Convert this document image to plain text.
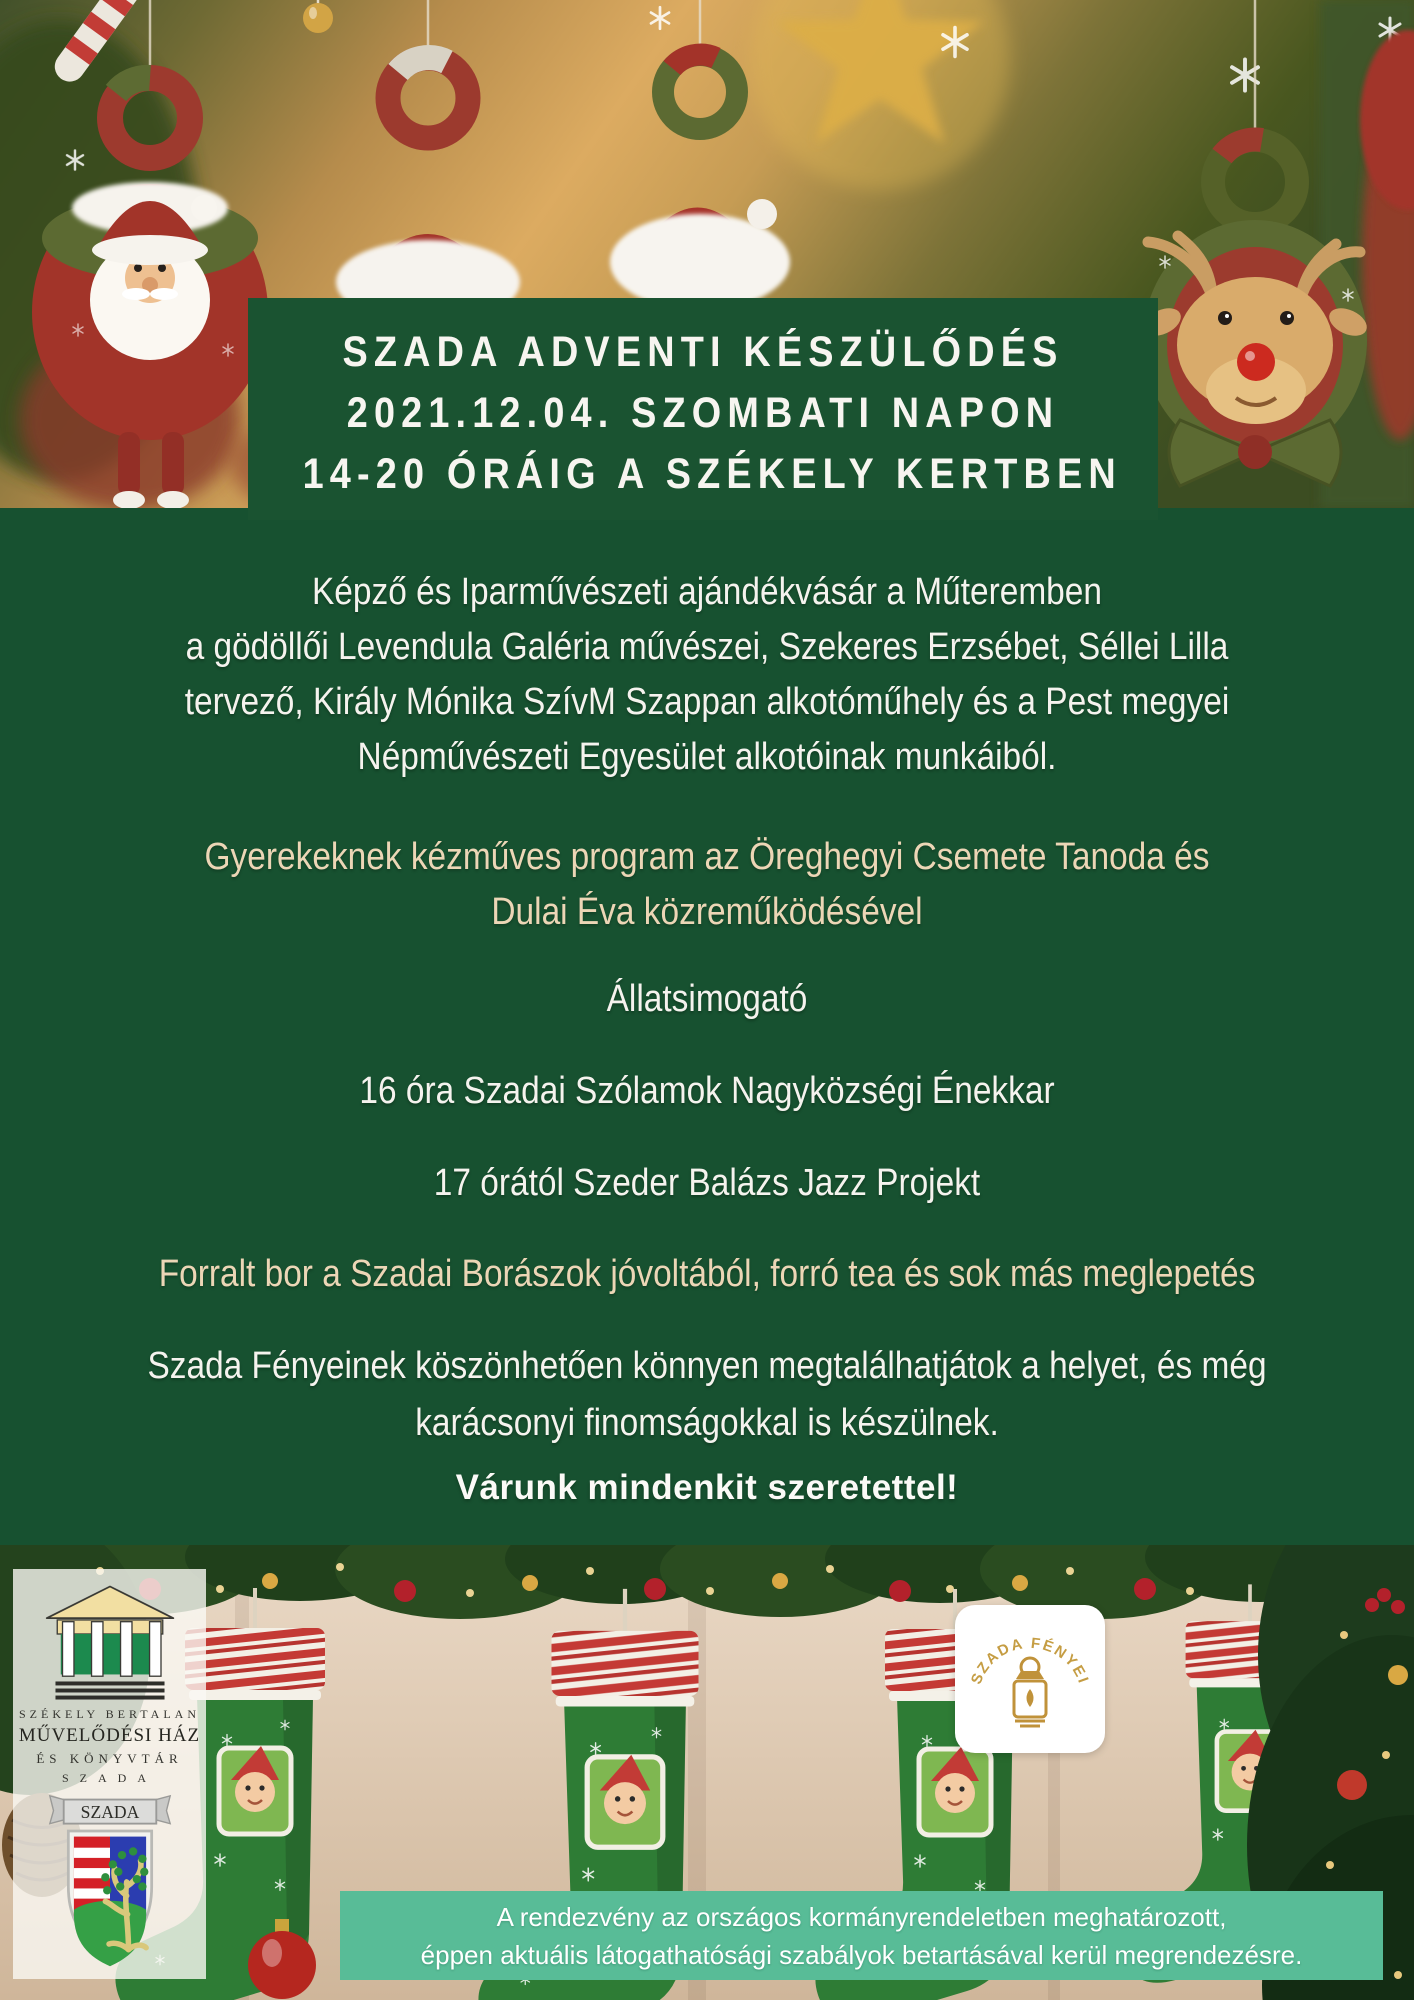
SZADA ADVENTI KÉSZÜLŐDÉS
2021.12.04. SZOMBATI NAPON
14-20 ÓRÁIG A SZÉKELY KERTBEN
Képző és Iparművészeti ajándékvásár a Műteremben
a gödöllői Levendula Galéria művészei, Szekeres Erzsébet, Séllei Lilla
tervező, Király Mónika SzívM Szappan alkotóműhely és a Pest megyei
Népművészeti Egyesület alkotóinak munkáiból.
Gyerekeknek kézműves program az Öreghegyi Csemete Tanoda és
Dulai Éva közreműködésével
Állatsimogató
16 óra Szadai Szólamok Nagyközségi Énekkar
17 órától Szeder Balázs Jazz Projekt
Forralt bor a Szadai Borászok jóvoltából, forró tea és sok más meglepetés
Szada Fényeinek köszönhetően könnyen megtalálhatjátok a helyet, és még
karácsonyi finomságokkal is készülnek.
Várunk mindenkit szeretettel!
SZÉKELY BERTALAN
MŰVELŐDÉSI HÁZ
ÉS KÖNYVTÁR
SZADA
SZADA
SZADA FÉNYEI
A rendezvény az országos kormányrendeletben meghatározott,
éppen aktuális látogathatósági szabályok betartásával kerül megrendezésre.
